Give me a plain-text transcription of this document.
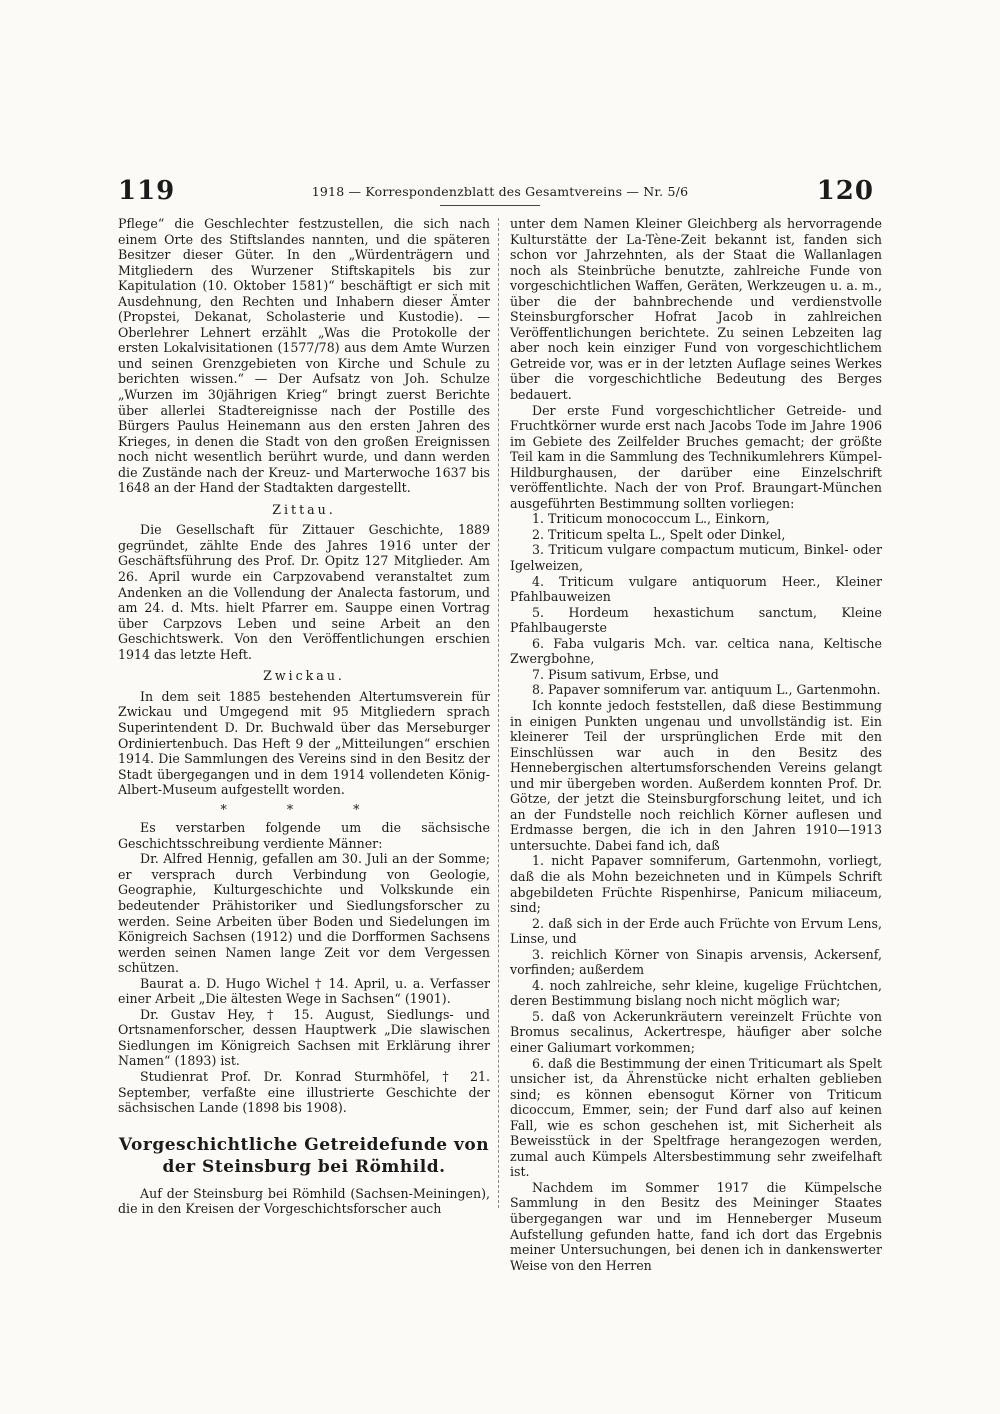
119	1918 — Korrespondenzblatt des Gesamtvereins — Nr. 5/6	120

Pflege“ die Geschlechter festzustellen, die sich nach einem Orte des Stiftslandes nannten, und die späteren Besitzer dieser Güter. In den „Würdenträgern und Mitgliedern des Wurzener Stiftskapitels bis zur Kapitulation (10. Oktober 1581)“ beschäftigt er sich mit Ausdehnung, den Rechten und Inhabern dieser Ämter (Propstei, Dekanat, Scholasterie und Kustodie). — Oberlehrer Lehnert erzählt „Was die Protokolle der ersten Lokalvisitationen (1577/78) aus dem Amte Wurzen und seinen Grenzgebieten von Kirche und Schule zu berichten wissen.“ — Der Aufsatz von Joh. Schulze „Wurzen im 30jährigen Krieg“ bringt zuerst Berichte über allerlei Stadtereignisse nach der Postille des Bürgers Paulus Heinemann aus den ersten Jahren des Krieges, in denen die Stadt von den großen Ereignissen noch nicht wesentlich berührt wurde, und dann werden die Zustände nach der Kreuz- und Marterwoche 1637 bis 1648 an der Hand der Stadtakten dargestellt.

Zittau.

Die Gesellschaft für Zittauer Geschichte, 1889 gegründet, zählte Ende des Jahres 1916 unter der Geschäftsführung des Prof. Dr. Opitz 127 Mitglieder. Am 26. April wurde ein Carpzovabend veranstaltet zum Andenken an die Vollendung der Analecta fastorum, und am 24. d. Mts. hielt Pfarrer em. Sauppe einen Vortrag über Carpzovs Leben und seine Arbeit an den Geschichtswerk. Von den Veröffentlichungen erschien 1914 das letzte Heft.

Zwickau.

In dem seit 1885 bestehenden Altertumsverein für Zwickau und Umgegend mit 95 Mitgliedern sprach Superintendent D. Dr. Buchwald über das Merseburger Ordiniertenbuch. Das Heft 9 der „Mitteilungen“ erschien 1914. Die Sammlungen des Vereins sind in den Besitz der Stadt übergegangen und in dem 1914 vollendeten König-Albert-Museum aufgestellt worden.

* * *

Es verstarben folgende um die sächsische Geschichtsschreibung verdiente Männer:

Dr. Alfred Hennig, gefallen am 30. Juli an der Somme; er versprach durch Verbindung von Geologie, Geographie, Kulturgeschichte und Volkskunde ein bedeutender Prähistoriker und Siedlungsforscher zu werden. Seine Arbeiten über Boden und Siedelungen im Königreich Sachsen (1912) und die Dorfformen Sachsens werden seinen Namen lange Zeit vor dem Vergessen schützen.

Baurat a. D. Hugo Wichel † 14. April, u. a. Verfasser einer Arbeit „Die ältesten Wege in Sachsen“ (1901).

Dr. Gustav Hey, † 15. August, Siedlungs- und Ortsnamenforscher, dessen Hauptwerk „Die slawischen Siedlungen im Königreich Sachsen mit Erklärung ihrer Namen“ (1893) ist.

Studienrat Prof. Dr. Konrad Sturmhöfel, † 21. September, verfaßte eine illustrierte Geschichte der sächsischen Lande (1898 bis 1908).

Vorgeschichtliche Getreidefunde von der Steinsburg bei Römhild.

Auf der Steinsburg bei Römhild (Sachsen-Meiningen), die in den Kreisen der Vorgeschichtsforscher auch

unter dem Namen Kleiner Gleichberg als hervorragende Kulturstätte der La-Tène-Zeit bekannt ist, fanden sich schon vor Jahrzehnten, als der Staat die Wallanlagen noch als Steinbrüche benutzte, zahlreiche Funde von vorgeschichtlichen Waffen, Geräten, Werkzeugen u. a. m., über die der bahnbrechende und verdienstvolle Steinsburgforscher Hofrat Jacob in zahlreichen Veröffentlichungen berichtete. Zu seinen Lebzeiten lag aber noch kein einziger Fund von vorgeschichtlichem Getreide vor, was er in der letzten Auflage seines Werkes über die vorgeschichtliche Bedeutung des Berges bedauert.

Der erste Fund vorgeschichtlicher Getreide- und Fruchtkörner wurde erst nach Jacobs Tode im Jahre 1906 im Gebiete des Zeilfelder Bruches gemacht; der größte Teil kam in die Sammlung des Technikumlehrers Kümpel-Hildburghausen, der darüber eine Einzelschrift veröffentlichte. Nach der von Prof. Braungart-München ausgeführten Bestimmung sollten vorliegen:

1. Triticum monococcum L., Einkorn,
2. Triticum spelta L., Spelt oder Dinkel,
3. Triticum vulgare compactum muticum, Binkel- oder Igelweizen,
4. Triticum vulgare antiquorum Heer., Kleiner Pfahlbauweizen
5. Hordeum hexastichum sanctum, Kleine Pfahlbaugerste
6. Faba vulgaris Mch. var. celtica nana, Keltische Zwergbohne,
7. Pisum sativum, Erbse, und
8. Papaver somniferum var. antiquum L., Gartenmohn.

Ich konnte jedoch feststellen, daß diese Bestimmung in einigen Punkten ungenau und unvollständig ist. Ein kleinerer Teil der ursprünglichen Erde mit den Einschlüssen war auch in den Besitz des Hennebergischen altertumsforschenden Vereins gelangt und mir übergeben worden. Außerdem konnten Prof. Dr. Götze, der jetzt die Steinsburgforschung leitet, und ich an der Fundstelle noch reichlich Körner auflesen und Erdmasse bergen, die ich in den Jahren 1910—1913 untersuchte. Dabei fand ich, daß

1. nicht Papaver somniferum, Gartenmohn, vorliegt, daß die als Mohn bezeichneten und in Kümpels Schrift abgebildeten Früchte Rispenhirse, Panicum miliaceum, sind;
2. daß sich in der Erde auch Früchte von Ervum Lens, Linse, und
3. reichlich Körner von Sinapis arvensis, Ackersenf, vorfinden; außerdem
4. noch zahlreiche, sehr kleine, kugelige Früchtchen, deren Bestimmung bislang noch nicht möglich war;
5. daß von Ackerunkräutern vereinzelt Früchte von Bromus secalinus, Ackertrespe, häufiger aber solche einer Galiumart vorkommen;
6. daß die Bestimmung der einen Triticumart als Spelt unsicher ist, da Ährenstücke nicht erhalten geblieben sind; es können ebensogut Körner von Triticum dicoccum, Emmer, sein; der Fund darf also auf keinen Fall, wie es schon geschehen ist, mit Sicherheit als Beweisstück in der Speltfrage herangezogen werden, zumal auch Kümpels Altersbestimmung sehr zweifelhaft ist.

Nachdem im Sommer 1917 die Kümpelsche Sammlung in den Besitz des Meininger Staates übergegangen war und im Henneberger Museum Aufstellung gefunden hatte, fand ich dort das Ergebnis meiner Untersuchungen, bei denen ich in dankenswerter Weise von den Herren
